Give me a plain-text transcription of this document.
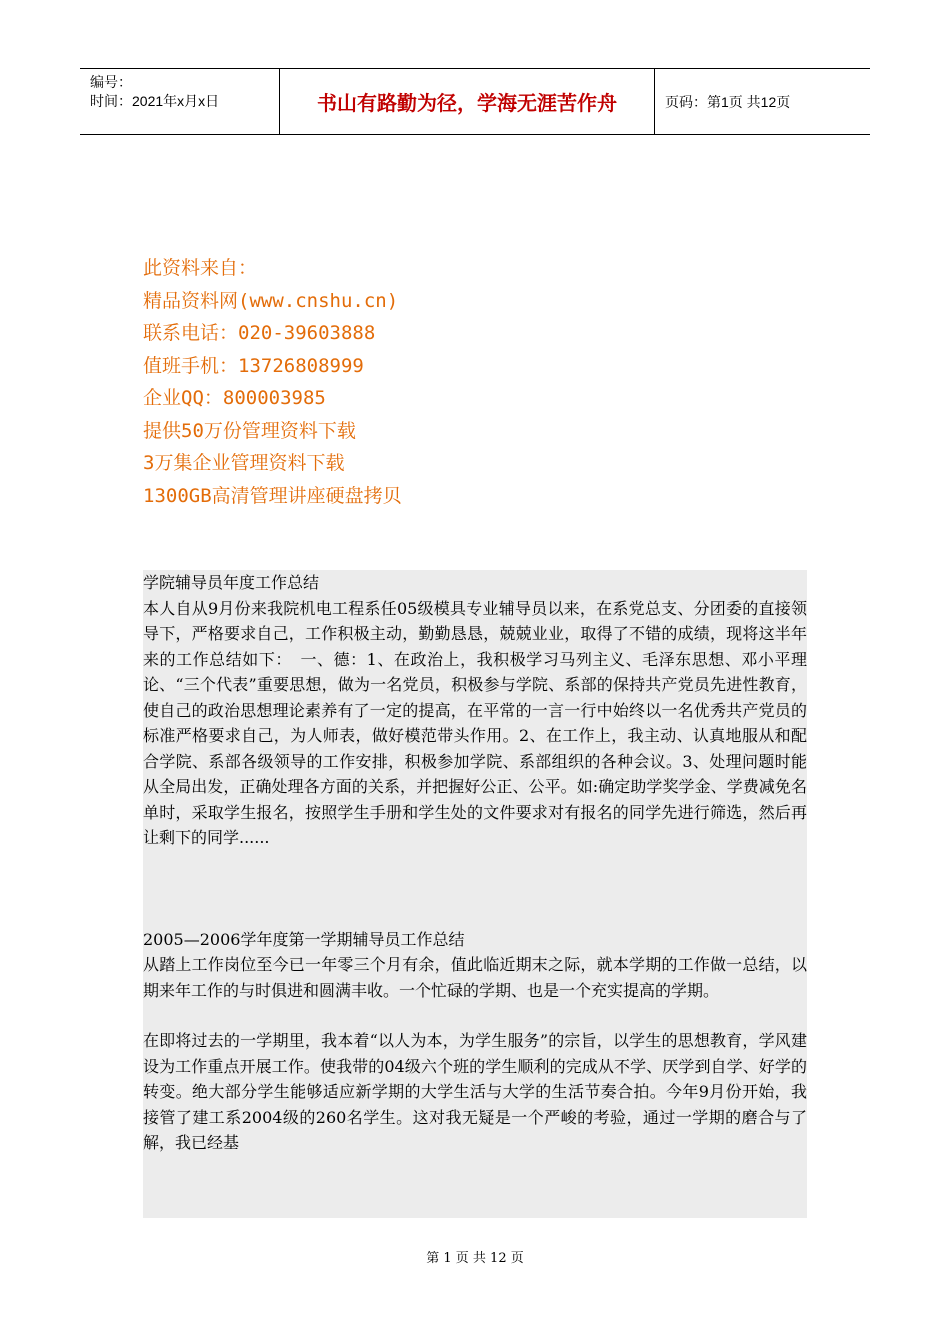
编号：
时间：2021年x月x日	书山有路勤为径，学海无涯苦作舟	页码：第1页 共12页
此资料来自：
精品资料网(www.cnshu.cn)
联系电话：020-39603888
值班手机：13726808999
企业QQ：800003985
提供50万份管理资料下载
3万集企业管理资料下载
1300GB高清管理讲座硬盘拷贝

学院辅导员年度工作总结

本人自从9月份来我院机电工程系任05级模具专业辅导员以来，在系党总支、分团委的直接领导下，严格要求自己，工作积极主动，勤勤恳恳，兢兢业业，取得了不错的成绩，现将这半年来的工作总结如下：　一、德：1、在政治上，我积极学习马列主义、毛泽东思想、邓小平理论、“三个代表”重要思想，做为一名党员，积极参与学院、系部的保持共产党员先进性教育，使自己的政治思想理论素养有了一定的提高，在平常的一言一行中始终以一名优秀共产党员的标准严格要求自己，为人师表，做好模范带头作用。2、在工作上，我主动、认真地服从和配合学院、系部各级领导的工作安排，积极参加学院、系部组织的各种会议。3、处理问题时能从全局出发，正确处理各方面的关系，并把握好公正、公平。如:确定助学奖学金、学费减免名单时，采取学生报名，按照学生手册和学生处的文件要求对有报名的同学先进行筛选，然后再让剩下的同学......

2005—2006学年度第一学期辅导员工作总结

从踏上工作岗位至今已一年零三个月有余，值此临近期末之际，就本学期的工作做一总结，以期来年工作的与时俱进和圆满丰收。一个忙碌的学期、也是一个充实提高的学期。

在即将过去的一学期里，我本着“以人为本，为学生服务”的宗旨，以学生的思想教育，学风建设为工作重点开展工作。使我带的04级六个班的学生顺利的完成从不学、厌学到自学、好学的转变。绝大部分学生能够适应新学期的大学生活与大学的生活节奏合拍。今年9月份开始，我接管了建工系2004级的260名学生。这对我无疑是一个严峻的考验，通过一学期的磨合与了解，我已经基

第 1 页 共 12 页
